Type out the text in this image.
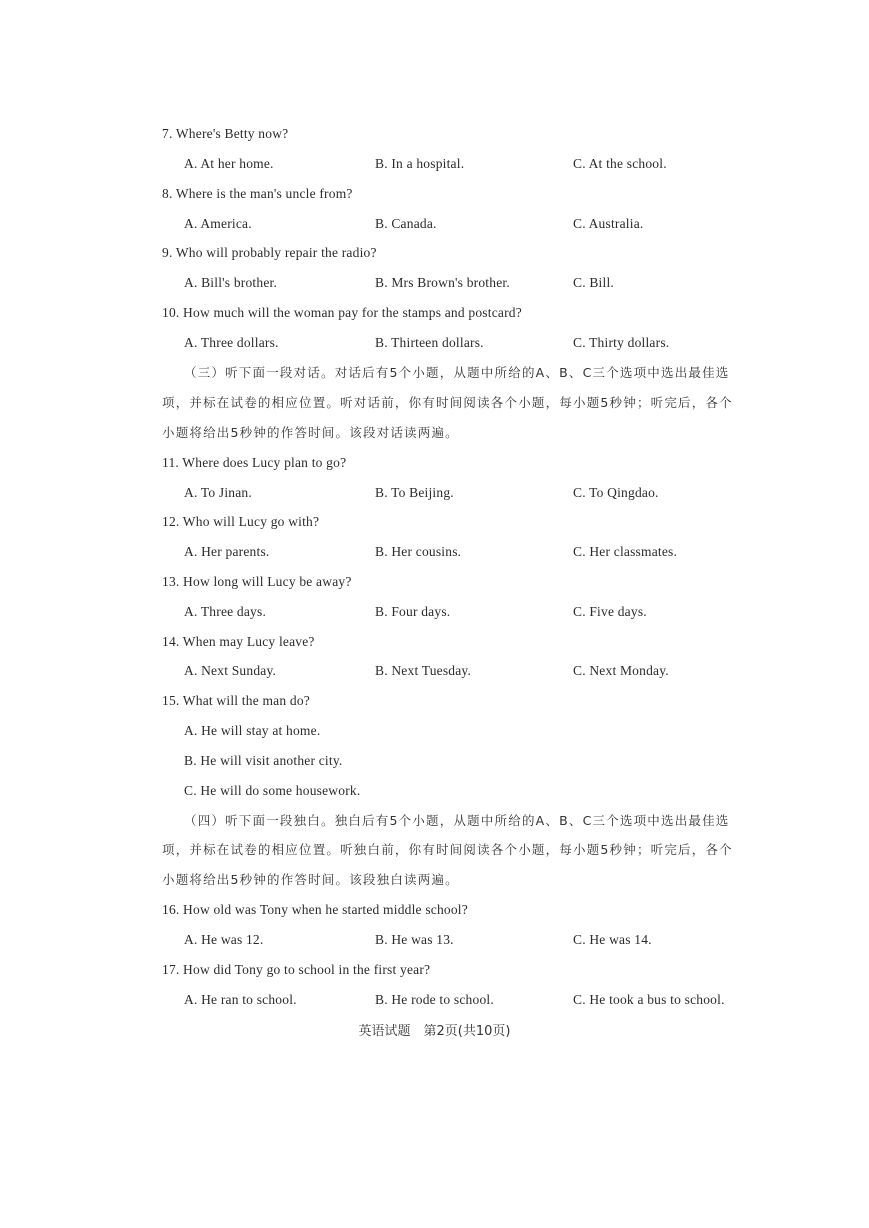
7. Where's Betty now?
A. At her home.	B. In a hospital.	C. At the school.
8. Where is the man's uncle from?
A. America.	B. Canada.	C. Australia.
9. Who will probably repair the radio?
A. Bill's brother.	B. Mrs Brown's brother.	C. Bill.
10. How much will the woman pay for the stamps and postcard?
A. Three dollars.	B. Thirteen dollars.	C. Thirty dollars.
（三）听下面一段对话。对话后有5个小题，从题中所给的A、B、C三个选项中选出最佳选
项，并标在试卷的相应位置。听对话前，你有时间阅读各个小题，每小题5秒钟；听完后，各个
小题将给出5秒钟的作答时间。该段对话读两遍。
11. Where does Lucy plan to go?
A. To Jinan.	B. To Beijing.	C. To Qingdao.
12. Who will Lucy go with?
A. Her parents.	B. Her cousins.	C. Her classmates.
13. How long will Lucy be away?
A. Three days.	B. Four days.	C. Five days.
14. When may Lucy leave?
A. Next Sunday.	B. Next Tuesday.	C. Next Monday.
15. What will the man do?
A. He will stay at home.
B. He will visit another city.
C. He will do some housework.
（四）听下面一段独白。独白后有5个小题，从题中所给的A、B、C三个选项中选出最佳选
项，并标在试卷的相应位置。听独白前，你有时间阅读各个小题，每小题5秒钟；听完后，各个
小题将给出5秒钟的作答时间。该段独白读两遍。
16. How old was Tony when he started middle school?
A. He was 12.	B. He was 13.	C. He was 14.
17. How did Tony go to school in the first year?
A. He ran to school.	B. He rode to school.	C. He took a bus to school.
英语试题　第2页(共10页)
